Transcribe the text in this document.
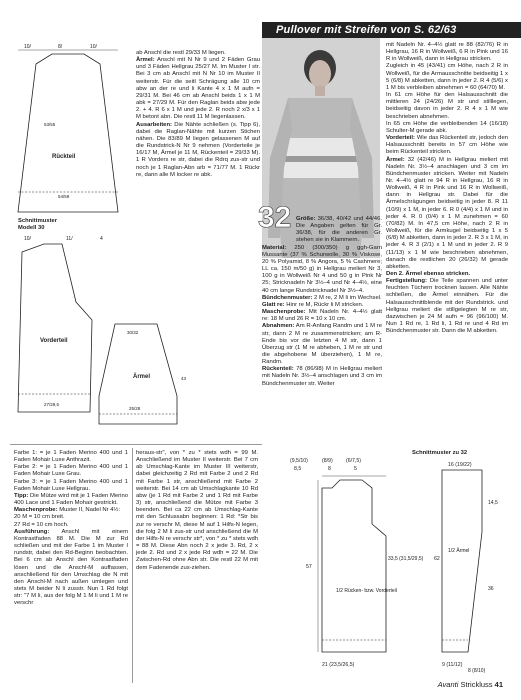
10/	8/	10/
53/55
Rückteil
54/59
Schnittmuster
Modell 30
10/	11/	4
Vorderteil
27/29,5
30/32
Ärmel
25/28
43

ab Anschl die restl 29/33 M liegen.

Ärmel: Anschl mit N Nr 9 und 2 Fäden Grau und 3 Fäden Hellgrau 25/27 M. Im Muster I str. Bei 3 cm ab Anschl mit N Nr 10 im Muster II weiterstr. Für die seitl Schrägung alle 10 cm abw an der re und li Kante 4 x 1 M aufn = 29/31 M. Bei 46 cm ab Anschl beids 1 x 1 M abk = 27/29 M. Für den Raglan beids abw jede 2. + 4. R 6 x 1 M und jede 2. R noch 2 x/3 x 1 M betont abn. Die restl 11 M liegenlassen.

Ausarbeiten: Die Nähte schließen (s. Tipp 6), dabei die Raglan-Nähte mit kurzen Stichen nähen. Die 83/89 M liegen gelassenen M auf die Rundstrick-N Nr 9 nehmen (Vorderteile je 16/17 M, Ärmel je 11 M, Rückenteil = 29/33 M). 1 R Vorders re str, dabei die Rdrq zus-str und noch je 1 Raglan-Abn arb = 71/77 M. 1 Rückr re, dann alle M locker re abk.

Pullover mit Streifen von S. 62/63
32 Größe: 36/38, 40/42 und 44/46. Die Angaben gelten für Gr. 36/38, für die anderen Gr. stehen sie in Klammern.

Material: 250 (300/350) g ggh-Garn Mussante (37 % Schurwolle, 30 % Viskose, 20 % Polyamid, 8 % Angora, 5 % Cashmere; LL ca. 150 m/50 g) in Hellgrau meliert Nr 3, 100 g in Wollweiß Nr 4 und 50 g in Pink Nr 25; Stricknadeln Nr 3½–4 und Nr 4–4½, eine 40 cm lange Rundstricknadel Nr 3½–4.

Bündchenmuster: 2 M re, 2 M li im Wechsel.

Glatt re: Hinr re M, Rückr li M stricken.

Maschenprobe: Mit Nadeln Nr. 4–4½ glatt re: 18 M und 26 R = 10 x 10 cm.

Abnahmen: Am R-Anfang Randm und 1 M re str, dann 2 M re zusammenstricken; am R-Ende bis vor die letzten 4 M str, dann 1 Überzug str (1 M re abheben, 1 M re str und die abgehobene M überziehen), 1 M re, Randm.

Rückenteil: 78 (86/98) M in Hellgrau meliert mit Nadeln Nr. 3½–4 anschlagen und 3 cm im Bündchenmuster str. Weiter

mit Nadeln Nr. 4–4½ glatt re 88 (82/76) R in Hellgrau, 16 R in Wollweiß, 6 R in Pink und 16 R in Wollweiß, dann in Hellgrau stricken.

Zugleich in 45 (43/41) cm Höhe, nach 2 R in Wollweiß, für die Armausschnitte beidseitig 1 x 5 (6/8) M abketten, dann in jeder 2. R 4 (5/6) x 1 M bis verbleiben abnehmen = 60 (64/70) M.

In 61 cm Höhe für den Halsausschnitt die mittleren 24 (24/26) M str und stilllegen, beidseitig davon in jeder 2. R 4 x 1 M wie beschrieben abnehmen.

In 65 cm Höhe die verbleibenden 14 (16/18) Schulter-M gerade abk.

Vorderteil: Wie das Rückenteil str, jedoch den Halsausschnitt bereits in 57 cm Höhe wie beim Rückenteil stricken.

Ärmel: 32 (42/46) M in Hellgrau meliert mit Nadeln Nr. 3½–4 anschlagen und 3 cm im Bündchenmuster stricken. Weiter mit Nadeln Nr. 4–4½ glatt re 94 R in Hellgrau, 16 R in Wollweiß, 4 R in Pink und 16 R in Wollweiß, dann in Hellgrau str. Dabei für die Ärmelschrägungen beidseitig in jeder 8. R 11 (10/9) x 1 M, in jeder 6. R 0 (4/4) x 1 M und in jeder 4. R 0 (0/4) x 1 M zunehmen = 60 (70/82) M. In 47,5 cm Höhe, nach 2 R in Wollweiß, für die Armkugel beidseitig 1 x 5 (6/8) M abketten, dann in jeder 2. R 3 x 1 M, in jeder 4. R 3 (2/1) x 1 M und in jeder 2. R 9 (11/13) x 1 M wie beschrieben abnehmen, danach die restlichen 20 (26/32) M gerade abketten.

Den 2. Ärmel ebenso stricken.

Fertigstellung: Die Teile spannen und unter feuchten Tüchern trocknen lassen. Alle Nähte schließen, die Ärmel einnähen. Für die Halsausschnittblende mit der Rundstrick. und Hellgrau meliert die stillgelegten M re str, dazwischen je 24 M aufn = 96 (96/100) M. Nun 1 Rd re, 1 Rd li, 1 Rd re und 4 Rd im Bündchenmuster str. Dann die M abketten.

Farbe 1: = je 1 Faden Merino 400 und 1 Faden Mohair Luxe Anthrazit.

Farbe 2: = je 1 Faden Merino 400 und 1 Faden Mohair Luxe Grau.

Farbe 3: = je 1 Faden Merino 400 und 1 Faden Mohair Luxe Hellgrau.

Tipp: Die Mütze wird mit je 1 Faden Merino 400 Lace und 1 Faden Mohair gestrickt.

Maschenprobe: Muster II, Nadel Nr 4½:

20 M = 10 cm breit.

27 Rd = 10 cm hoch.

Ausführung: Anschl mit einem Kontrastfaden 88 M. Die M zur Rd schließen und mit der Farbe 1 im Muster I rundstr, dabei den Rd-Beginn beobachten. Bei 6 cm ab Anschl den Kontrastfaden lösen und die Anschl-M auffassen, anschließend für den Umschlag die N mit den Anschl-M nach außen umlegen und stets M beider N li zusstr. Nun 1 Rd folgt str: "7 M li, aus der folg M 1 M li und 1 M re verschr

heraus-str", von * zu * stets wdh = 99 M. Anschließend im Muster II weiterstr. Bei 7 cm ab Umschlag-Kante im Muster III weiterstr, dabei gleichzeitig 2 Rd mit Farbe 2 und 2 Rd mit Farbe 1 str, anschließend mit Farbe 2 weiterstr. Bei 14 cm ab Umschlagkante 10 Rd abw (je 1 Rd mit Farbe 2 und 1 Rd mit Farbe 3) str, anschließend die Mütze mit Farbe 3 beenden. Bei ca 22 cm ab Umschlag-Kante mit den Schlussabn beginnen: 1 Rd: *Str bis zur re verschr M, diese M auf 1 Hilfs-N legen, die folg 2 M li zus-str und anschließend die M der Hilfs-N re verschr str*, von * zu * stets wdh = 88 M. Diese Abn noch 2 x jede 3. Rd, 2 x jede 2. Rd und 2 x jede Rd wdh = 22 M. Die Zwischen-Rd ohne Abn str. Die restl 22 M mit dem Fadenende zus-ziehen.

(9,5/10)	(8/9)	(6/7,5)
8,5	8	5
57
1/2 Rücken- bzw. Vorderteil
21 (23,5/26,5)
33,5 (31,5/29,5)
Schnittmuster zu 32
16 (19/22)
62
1/2 Ärmel
14,5
36
9 (11/12)
8 (8/10)
Avanti Strickluss 41
